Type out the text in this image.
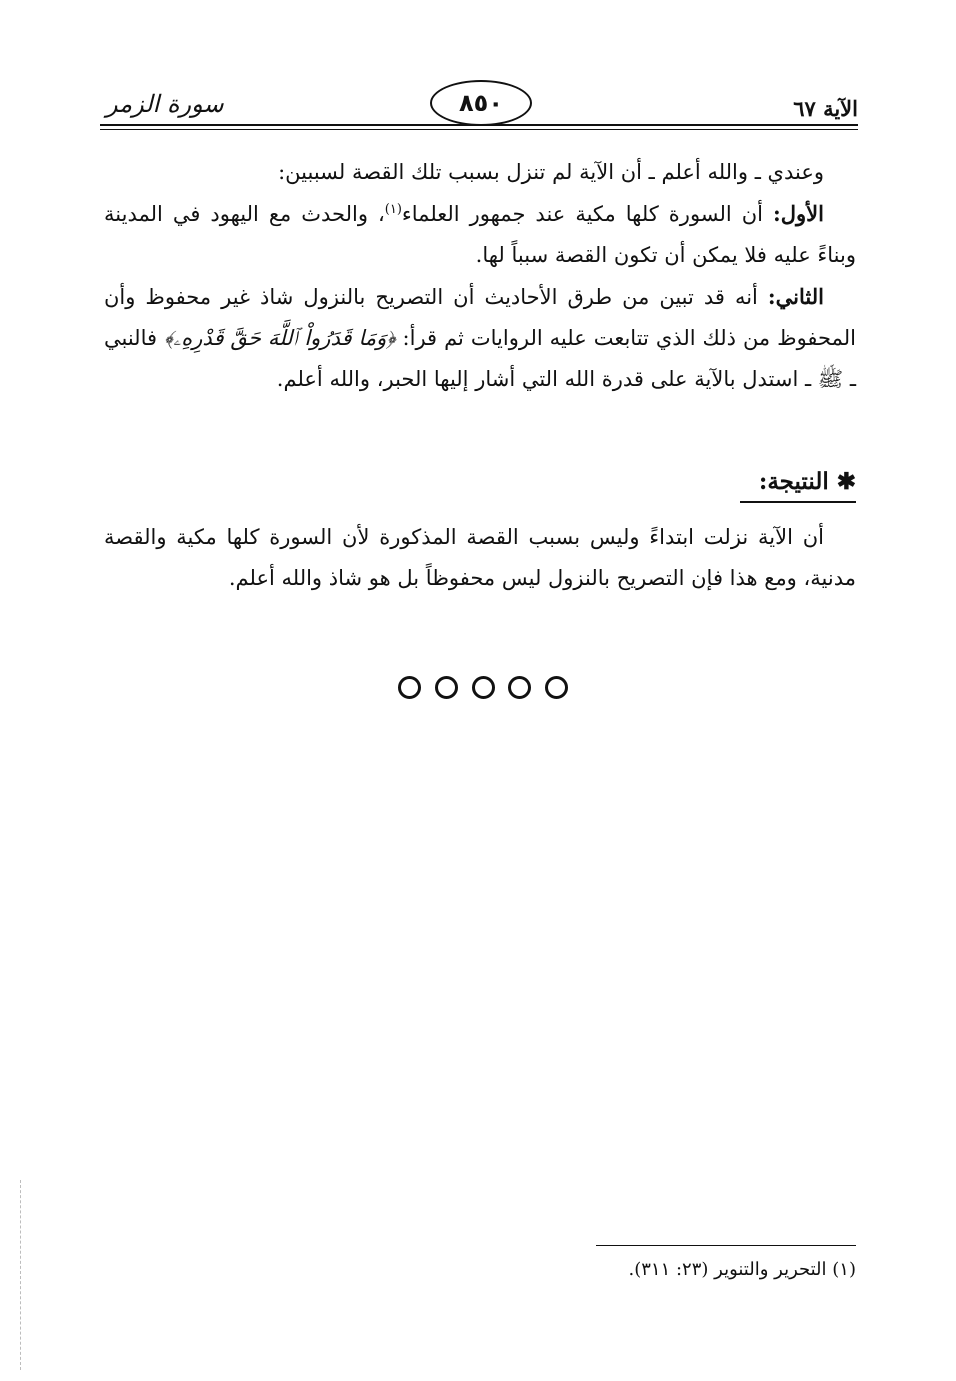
الآية ٦٧
٨٥٠
سورة الزمر

وعندي ـ والله أعلم ـ أن الآية لم تنزل بسبب تلك القصة لسببين:

الأول: أن السورة كلها مكية عند جمهور العلماء$^{(١)}$، والحدث مع اليهود في المدينة وبناءً عليه فلا يمكن أن تكون القصة سبباً لها.

الثاني: أنه قد تبين من طرق الأحاديث أن التصريح بالنزول شاذ غير محفوظ وأن المحفوظ من ذلك الذي تتابعت عليه الروايات ثم قرأ: ﴿وَمَا قَدَرُواْ ٱللَّهَ حَقَّ قَدْرِهِۦ﴾ فالنبي ـ ﷺ ـ استدل بالآية على قدرة الله التي أشار إليها الحبر، والله أعلم.

✱ النتيجة:

أن الآية نزلت ابتداءً وليس بسبب القصة المذكورة لأن السورة كلها مكية والقصة مدنية، ومع هذا فإن التصريح بالنزول ليس محفوظاً بل هو شاذ والله أعلم.

(١) التحرير والتنوير (٢٣: ٣١١).
